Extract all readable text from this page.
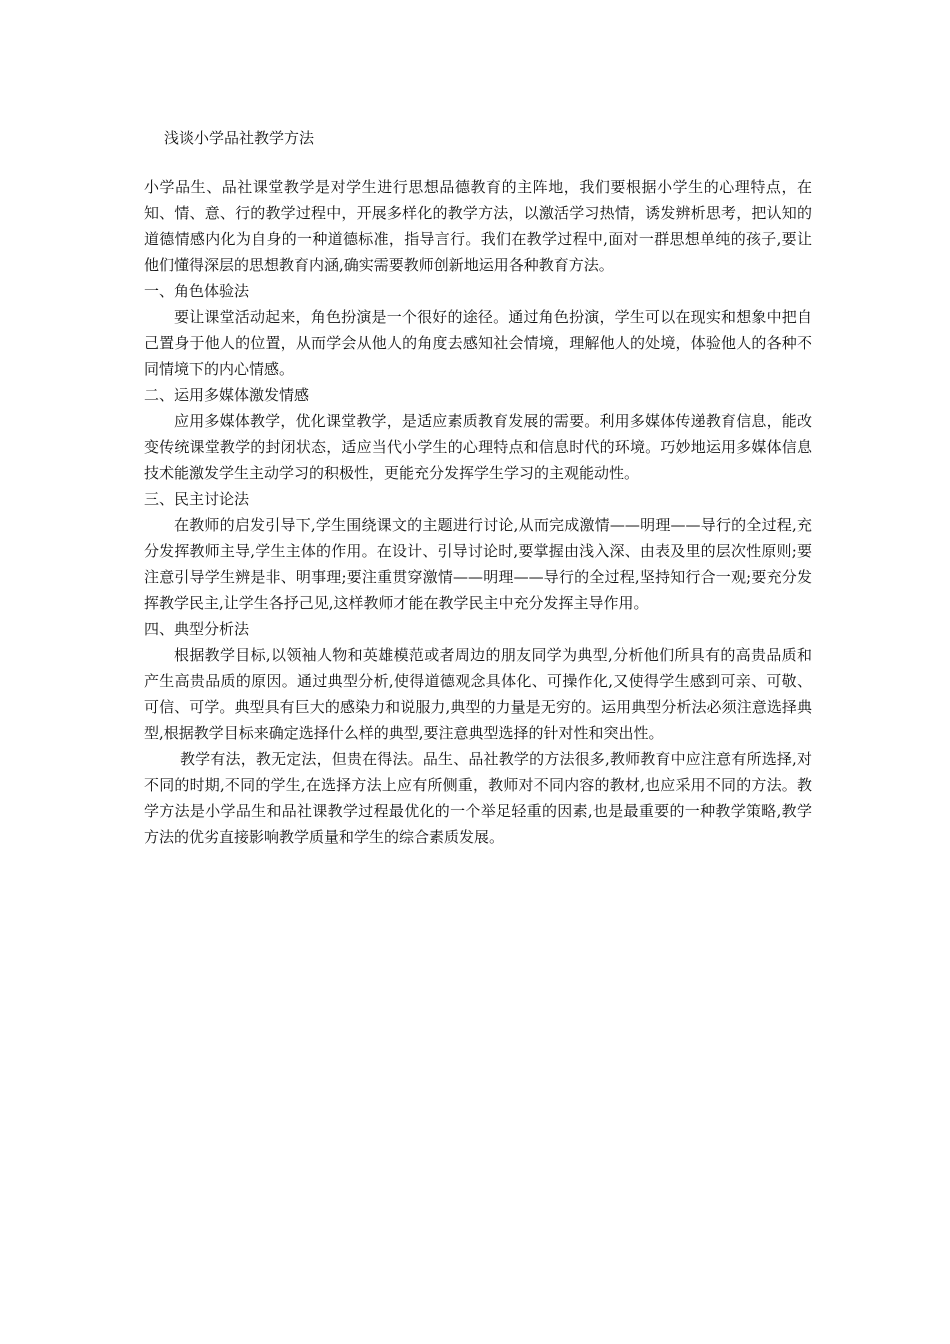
浅谈小学品社教学方法

小学品生、品社课堂教学是对学生进行思想品德教育的主阵地，我们要根据小学生的心理特点，在知、情、意、行的教学过程中，开展多样化的教学方法，以激活学习热情，诱发辨析思考，把认知的道德情感内化为自身的一种道德标准，指导言行。我们在教学过程中,面对一群思想单纯的孩子,要让他们懂得深层的思想教育内涵,确实需要教师创新地运用各种教育方法。

一、角色体验法

要让课堂活动起来，角色扮演是一个很好的途径。通过角色扮演，学生可以在现实和想象中把自己置身于他人的位置，从而学会从他人的角度去感知社会情境，理解他人的处境，体验他人的各种不同情境下的内心情感。

二、运用多媒体激发情感

应用多媒体教学，优化课堂教学，是适应素质教育发展的需要。利用多媒体传递教育信息，能改变传统课堂教学的封闭状态，适应当代小学生的心理特点和信息时代的环境。巧妙地运用多媒体信息技术能激发学生主动学习的积极性，更能充分发挥学生学习的主观能动性。

三、民主讨论法

在教师的启发引导下,学生围绕课文的主题进行讨论,从而完成激情——明理——导行的全过程,充分发挥教师主导,学生主体的作用。在设计、引导讨论时,要掌握由浅入深、由表及里的层次性原则;要注意引导学生辨是非、明事理;要注重贯穿激情——明理——导行的全过程,坚持知行合一观;要充分发挥教学民主,让学生各抒己见,这样教师才能在教学民主中充分发挥主导作用。

四、典型分析法

根据教学目标,以领袖人物和英雄模范或者周边的朋友同学为典型,分析他们所具有的高贵品质和产生高贵品质的原因。通过典型分析,使得道德观念具体化、可操作化,又使得学生感到可亲、可敬、可信、可学。典型具有巨大的感染力和说服力,典型的力量是无穷的。运用典型分析法必须注意选择典型,根据教学目标来确定选择什么样的典型,要注意典型选择的针对性和突出性。

教学有法，教无定法，但贵在得法。品生、品社教学的方法很多,教师教育中应注意有所选择,对不同的时期,不同的学生,在选择方法上应有所侧重，教师对不同内容的教材,也应采用不同的方法。教学方法是小学品生和品社课教学过程最优化的一个举足轻重的因素,也是最重要的一种教学策略,教学方法的优劣直接影响教学质量和学生的综合素质发展。
